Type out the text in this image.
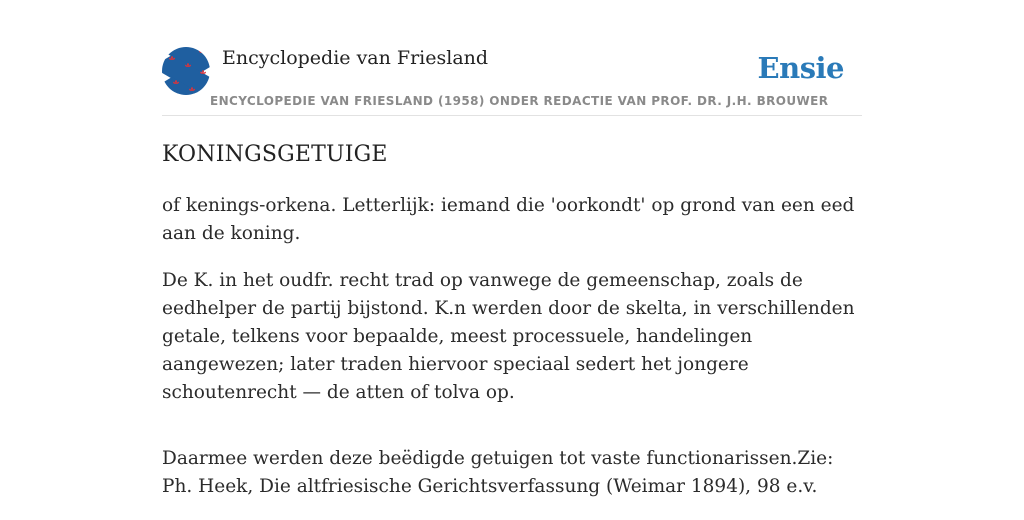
Encyclopedie van Friesland	Ensie
ENCYCLOPEDIE VAN FRIESLAND (1958) ONDER REDACTIE VAN PROF. DR. J.H. BROUWER
KONINGSGETUIGE

of kenings-orkena. Letterlijk: iemand die 'oorkondt' op grond van een eed aan de koning.

De K. in het oudfr. recht trad op vanwege de gemeenschap, zoals de eedhelper de partij bijstond. K.n werden door de skelta, in verschillenden getale, telkens voor bepaalde, meest processuele, handelingen aangewezen; later traden hiervoor speciaal sedert het jongere schoutenrecht — de atten of tolva op.

Daarmee werden deze beëdigde getuigen tot vaste functionarissen.Zie: Ph. Heek, Die altfriesische Gerichtsverfassung (Weimar 1894), 98 e.v.
